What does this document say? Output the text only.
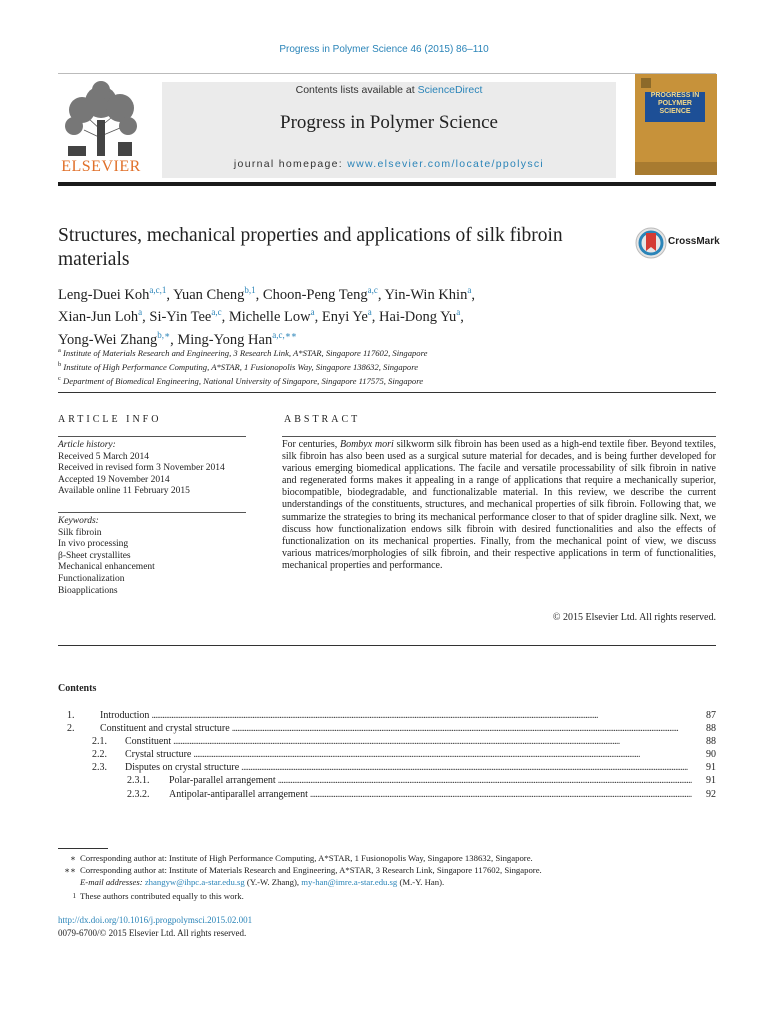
Progress in Polymer Science 46 (2015) 86–110
ELSEVIER
Contents lists available at ScienceDirect
Progress in Polymer Science
journal homepage: www.elsevier.com/locate/ppolysci
PROGRESS IN POLYMER SCIENCE
Structures, mechanical properties and applications of silk fibroin materials
CrossMark
Leng-Duei Koh$^{a,c,1}$, Yuan Cheng$^{b,1}$, Choon-Peng Teng$^{a,c}$, Yin-Win Khin$^a$,
Xian-Jun Loh$^a$, Si-Yin Tee$^{a,c}$, Michelle Low$^a$, Enyi Ye$^a$, Hai-Dong Yu$^a$,
Yong-Wei Zhang$^{b,∗}$, Ming-Yong Han$^{a,c,∗∗}$
$^a$ Institute of Materials Research and Engineering, 3 Research Link, A*STAR, Singapore 117602, Singapore
$^b$ Institute of High Performance Computing, A*STAR, 1 Fusionopolis Way, Singapore 138632, Singapore
$^c$ Department of Biomedical Engineering, National University of Singapore, Singapore 117575, Singapore
ARTICLE INFO	ABSTRACT
Article history:
Received 5 March 2014
Received in revised form 3 November 2014
Accepted 19 November 2014
Available online 11 February 2015
Keywords:
Silk fibroin
In vivo processing
β-Sheet crystallites
Mechanical enhancement
Functionalization
Bioapplications
For centuries, Bombyx mori silkworm silk fibroin has been used as a high-end textile fiber. Beyond textiles, silk fibroin has also been used as a surgical suture material for decades, and is being further developed for various emerging biomedical applications. The facile and versatile processability of silk fibroin in native and regenerated forms makes it appealing in a range of applications that require a mechanically superior, biocompatible, biodegradable, and functionalizable material. In this review, we describe the current understandings of the constituents, structures, and mechanical properties of silk fibroin. Following that, we summarize the strategies to bring its mechanical performance closer to that of spider dragline silk. Next, we discuss how functionalization endows silk fibroin with desired functionalities and also the effects of functionalization on its mechanical properties. Finally, from the mechanical point of view, we discuss various matrices/morphologies of silk fibroin, and their respective applications in term of functionalities, mechanical properties and performance.
© 2015 Elsevier Ltd. All rights reserved.
Contents
1.	Introduction . . .	87
2.	Constituent and crystal structure . . .	88
2.1.	Constituent . . .	88
2.2.	Crystal structure . . .	90
2.3.	Disputes on crystal structure . . .	91
2.3.1.	Polar-parallel arrangement . . .	91
2.3.2.	Antipolar-antiparallel arrangement . . .	92
∗ Corresponding author at: Institute of High Performance Computing, A*STAR, 1 Fusionopolis Way, Singapore 138632, Singapore.
∗∗ Corresponding author at: Institute of Materials Research and Engineering, A*STAR, 3 Research Link, Singapore 117602, Singapore.
E-mail addresses: zhangyw@ihpc.a-star.edu.sg (Y.-W. Zhang), my-han@imre.a-star.edu.sg (M.-Y. Han).
1 These authors contributed equally to this work.
http://dx.doi.org/10.1016/j.progpolymsci.2015.02.001
0079-6700/© 2015 Elsevier Ltd. All rights reserved.
